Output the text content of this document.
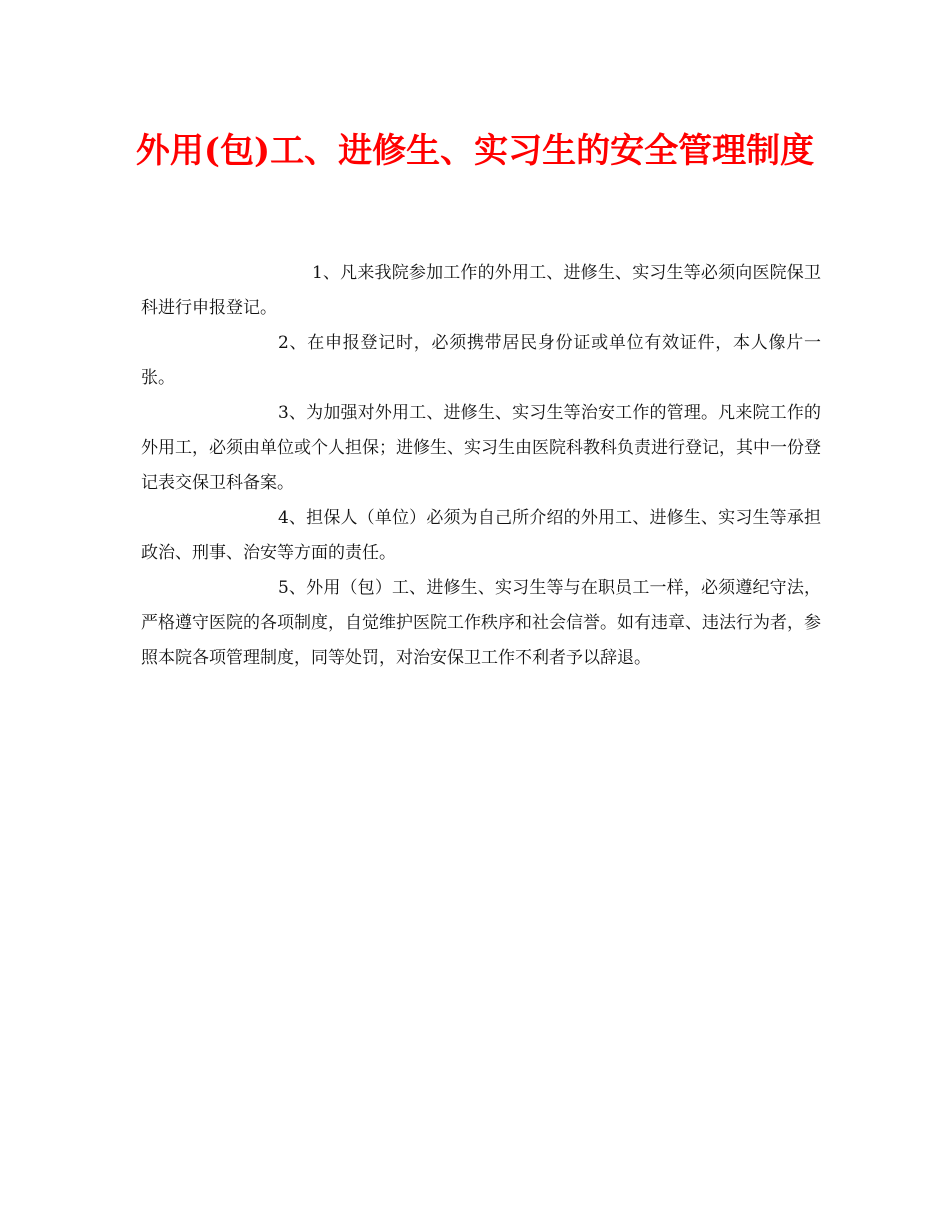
外用(包)工、进修生、实习生的安全管理制度

1、凡来我院参加工作的外用工、进修生、实习生等必须向医院保卫科进行申报登记。

2、在申报登记时，必须携带居民身份证或单位有效证件，本人像片一张。

3、为加强对外用工、进修生、实习生等治安工作的管理。凡来院工作的外用工，必须由单位或个人担保；进修生、实习生由医院科教科负责进行登记，其中一份登记表交保卫科备案。

4、担保人（单位）必须为自己所介绍的外用工、进修生、实习生等承担政治、刑事、治安等方面的责任。

5、外用（包）工、进修生、实习生等与在职员工一样，必须遵纪守法，严格遵守医院的各项制度，自觉维护医院工作秩序和社会信誉。如有违章、违法行为者，参照本院各项管理制度，同等处罚，对治安保卫工作不利者予以辞退。
